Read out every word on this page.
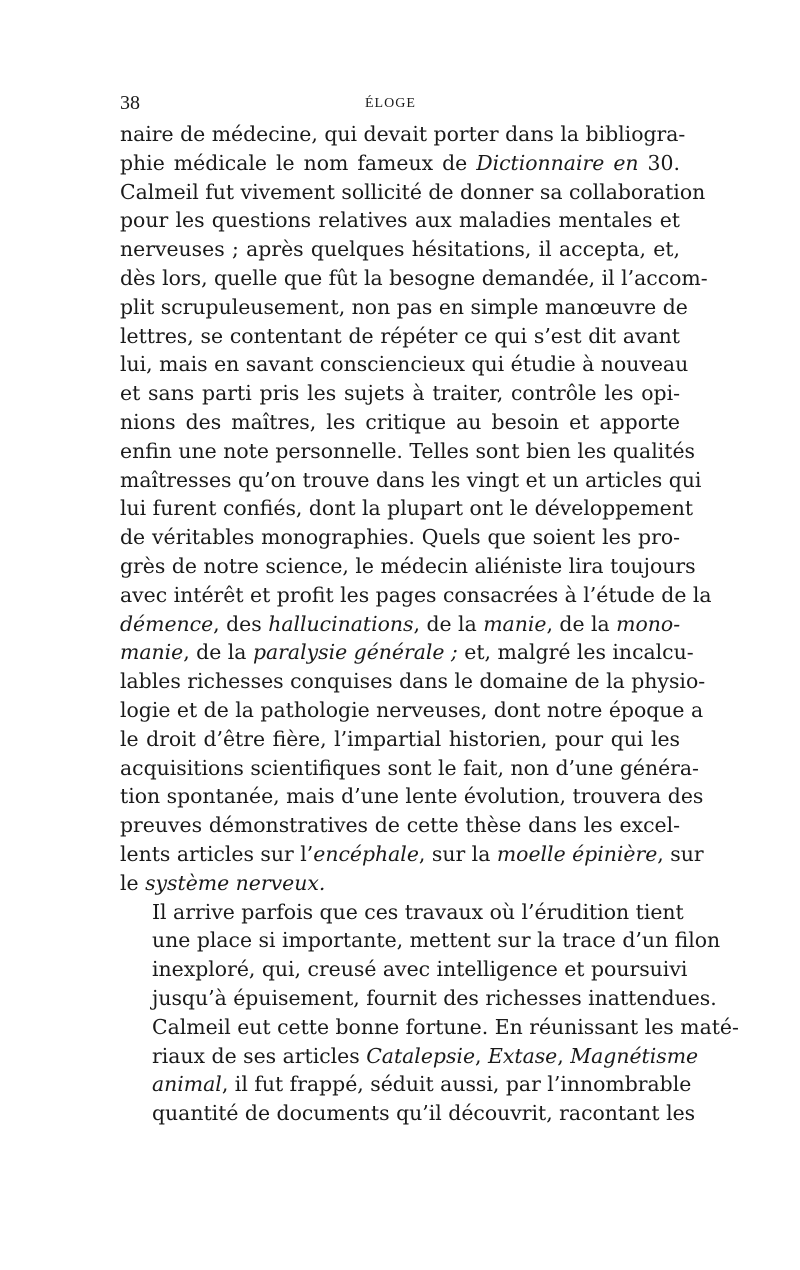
38	ÉLOGE
naire de médecine, qui devait porter dans la bibliogra-
phie médicale le nom fameux de Dictionnaire en 30.
Calmeil fut vivement sollicité de donner sa collaboration
pour les questions relatives aux maladies mentales et
nerveuses ; après quelques hésitations, il accepta, et,
dès lors, quelle que fût la besogne demandée, il l’accom-
plit scrupuleusement, non pas en simple manœuvre de
lettres, se contentant de répéter ce qui s’est dit avant
lui, mais en savant consciencieux qui étudie à nouveau
et sans parti pris les sujets à traiter, contrôle les opi-
nions des maîtres, les critique au besoin et apporte
enfin une note personnelle. Telles sont bien les qualités
maîtresses qu’on trouve dans les vingt et un articles qui
lui furent confiés, dont la plupart ont le développement
de véritables monographies. Quels que soient les pro-
grès de notre science, le médecin aliéniste lira toujours
avec intérêt et profit les pages consacrées à l’étude de la
démence, des hallucinations, de la manie, de la mono-
manie, de la paralysie générale ; et, malgré les incalcu-
lables richesses conquises dans le domaine de la physio-
logie et de la pathologie nerveuses, dont notre époque a
le droit d’être fière, l’impartial historien, pour qui les
acquisitions scientifiques sont le fait, non d’une généra-
tion spontanée, mais d’une lente évolution, trouvera des
preuves démonstratives de cette thèse dans les excel-
lents articles sur l’encéphale, sur la moelle épinière, sur
le système nerveux.
Il arrive parfois que ces travaux où l’érudition tient
une place si importante, mettent sur la trace d’un filon
inexploré, qui, creusé avec intelligence et poursuivi
jusqu’à épuisement, fournit des richesses inattendues.
Calmeil eut cette bonne fortune. En réunissant les maté-
riaux de ses articles Catalepsie, Extase, Magnétisme
animal, il fut frappé, séduit aussi, par l’innombrable
quantité de documents qu’il découvrit, racontant les
